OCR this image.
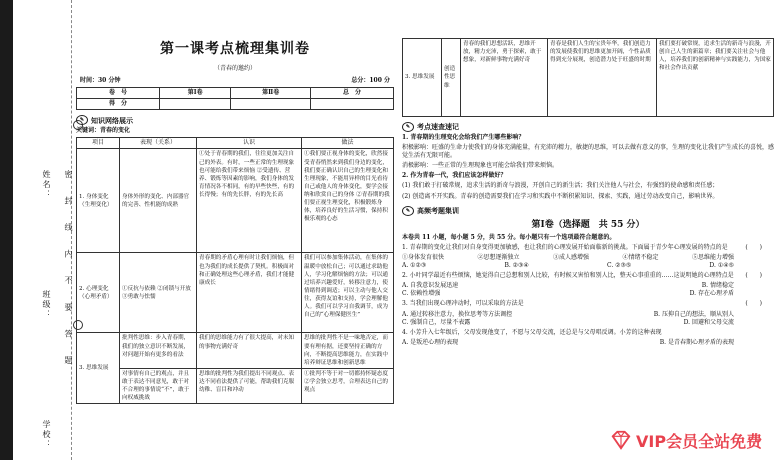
姓名：
班级：
学校：
密 封 线 内 不 要 答 题
第一课考点梳理集训卷
（青春的邀约）
时间：30 分钟	总分：100 分
卷　号	第Ⅰ卷	第Ⅱ卷	总　分
得　分			
✎ 知识网络展示
关键词：青春的变化
项目	表现（关系）	认识	做法
1. 身体变化（生理变化）	身体外形的变化、内部器官的完善、性机能的成熟	①处于青春期的我们，往往更加关注自己的外表。有时，一些正常的生理现象也可能给我们带来烦恼 ②受遗传、营养、锻炼等因素的影响，我们身体的发育情况各不相同，有的早些快些，有的长得慢；有的先长胖，有的先长高	①我们要正视身体的变化，欣然接受青春悄然来到我们身边的变化，我们要正确认识自己的生理变化和生理现象，不能用异样的目光看待自己或他人的身体变化，要学会接纳和欣赏自己的身体 ②青春期的我们要正视生理变化，积极锻炼身体，培养良好的生活习惯，保持积极乐观的心态
2. 心理变化（心理矛盾）	①反抗与依赖 ②闭锁与开放 ③勇敢与怯懦	青春期的矛盾心理有时让我们烦恼，但也为我们的成长提供了契机。积极面对和正确处理这些心理矛盾，我们才能健康成长	我们可以参加集体活动，在集体的温暖中放松自己；可以通过求助他人，学习化解烦恼的方法；可以通过培养兴趣爱好，转移注意力，使情绪得到调适；可以主动与他人交往，获得友谊和支持，学会理解他人。我们可以学习自我调节，成为自己的“心理保健医生”
3. 思维发展	批判性思维：步入青春期，我们的独立意识不断发展，对问题开始有更多的看法	我们的思维能力有了很大提高，对未知的事物充满好奇	思维的批判性不是一味地否定，而要有理有据，还要坚持正确的方向，不断提高思维能力，在实践中培养辩证思维和创新思维
	对事情有自己的观点，并且敢于表达不同意见，敢于对不合理的事情说“不”，敢于向权威挑战	思维的批判性为我们提出不同观点、表达不同看法提供了可能，帮助我们克服幼稚、盲目和冲动	①批判不等于对一切都持怀疑态度 ②学会独立思考，合理表达自己的观点
3. 思维发展	创造性思维	青春的我们思想活跃，思维开放，精力充沛，勇于探索，敢于想象，对新鲜事物充满好奇	青春是我们人生的宝贵年华，我们创造力的发展使我们的思维更加开阔，个性品质得到充分展现，创造潜力处于旺盛的时期	我们要打破常规，追求生活的新奇与浪漫，开创自己人生的新篇章；我们要关注社会与他人，培养我们的创新精神与实践能力，为国家和社会作出贡献
✎ 考点速查速记
1. 青春期的生理变化会给我们产生哪些影响？
积极影响：旺盛的生命力使我们的身体充满能量，有充沛的精力，敏捷的思维，可以去做有意义的事，生理的变化让我们产生成长的喜悦，感觉生活有无限可能。
消极影响：一些正常的生理现象也可能会给我们带来烦恼。
2. 作为青春一代，我们应该怎样做好？
(1) 我们敢于打破常规，追求生活的新奇与浪漫，开创自己的新生活；我们关注他人与社会，有强烈的使命感和责任感；
(2) 创造离不开实践。青春的创造需要我们在学习和实践中不断积累知识、探索、实践，通过劳动改变自己，影响世界。
✎ 高频考题集训
第Ⅰ卷（选择题　共 55 分）
本卷共 11 小题，每小题 5 分，共 55 分。每小题只有一个选项最符合题意的。
1. 青春期的变化让我们对自身变得更加敏感，也让我们的心理发展开始面临新的挑战。下面属于青少年心理发展的特点的是	(　　)
①身体发育很快	②思想逐渐独立	③成人感增强	④情绪不稳定	⑤思维能力增强
A. ①②③	B. ②③④	C. ②③⑤	D. ①④⑤
2. 小叶同学最近有些烦恼，她觉得自己总想和别人比较，有时候又害怕和别人比，整天心事重重的……这说明她的心理特点是 (　　)
A. 自我意识发展迅速	B. 情绪稳定
C. 依赖性增强	D. 存在心理矛盾
3. 当我们出现心理冲动时，可以采取的方法是	(　　)
A. 通过转移注意力，换位思考等方法调控	B. 压抑自己的想法，顺从别人
C. 强制自己，尽量不表露	D. 回避和父母交流
4. 小芳升入七年级后，父母发现他变了，不愿与父母交流，还总是与父母唱反调。小芳的这种表现
A. 是叛逆心理的表现	B. 是青春期心理矛盾的表现
VIP会员全站免费
